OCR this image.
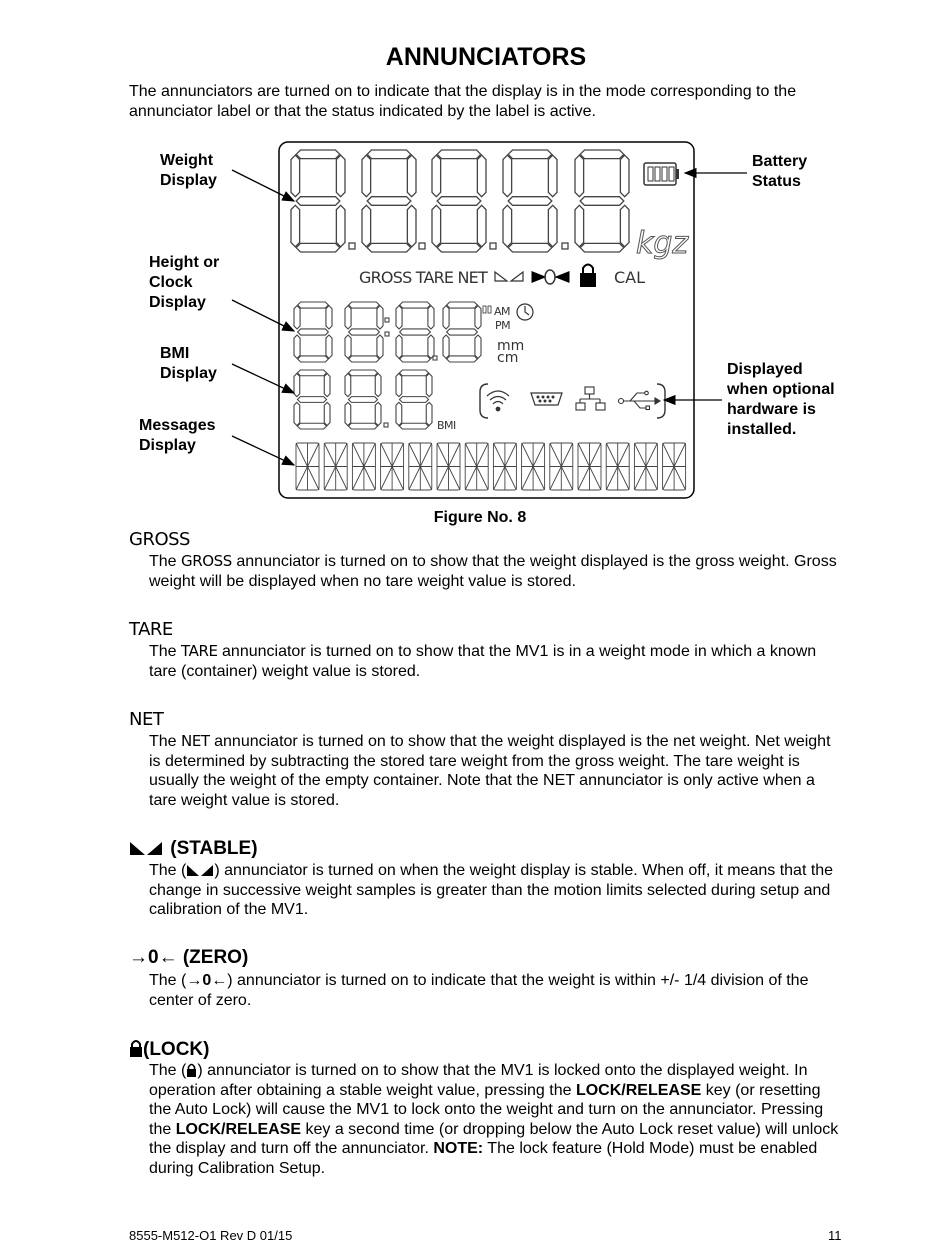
ANNUNCIATORS
The annunciators are turned on to indicate that the display is in the mode corresponding to the annunciator label or that the status indicated by the label is active.
kgz
GROSS TARE NET	CAL
AM
PM
mm
cm
BMI
Weight
Display
Height or
Clock
Display
BMI
Display
Messages
Display
Battery
Status
Displayed
when optional
hardware is
installed.
Figure No. 8
GROSS
The GROSS annunciator is turned on to show that the weight displayed is the gross weight. Gross weight will be displayed when no tare weight value is stored.
TARE
The TARE annunciator is turned on to show that the MV1 is in a weight mode in which a known tare (container) weight value is stored.
NET
The NET annunciator is turned on to show that the weight displayed is the net weight. Net weight is determined by subtracting the stored tare weight from the gross weight. The tare weight is usually the weight of the empty container. Note that the NET annunciator is only active when a tare weight value is stored.
(STABLE)
The ( ) annunciator is turned on when the weight display is stable. When off, it means that the change in successive weight samples is greater than the motion limits selected during setup and calibration of the MV1.
→0← (ZERO)
The (→0←) annunciator is turned on to indicate that the weight is within +/- 1/4 division of the center of zero.
(LOCK)
The ( ) annunciator is turned on to show that the MV1 is locked onto the displayed weight. In operation after obtaining a stable weight value, pressing the LOCK/RELEASE key (or resetting the Auto Lock) will cause the MV1 to lock onto the weight and turn on the annunciator. Pressing the LOCK/RELEASE key a second time (or dropping below the Auto Lock reset value) will unlock the display and turn off the annunciator. NOTE: The lock feature (Hold Mode) must be enabled during Calibration Setup.
8555-M512-O1 Rev D 01/15	11
